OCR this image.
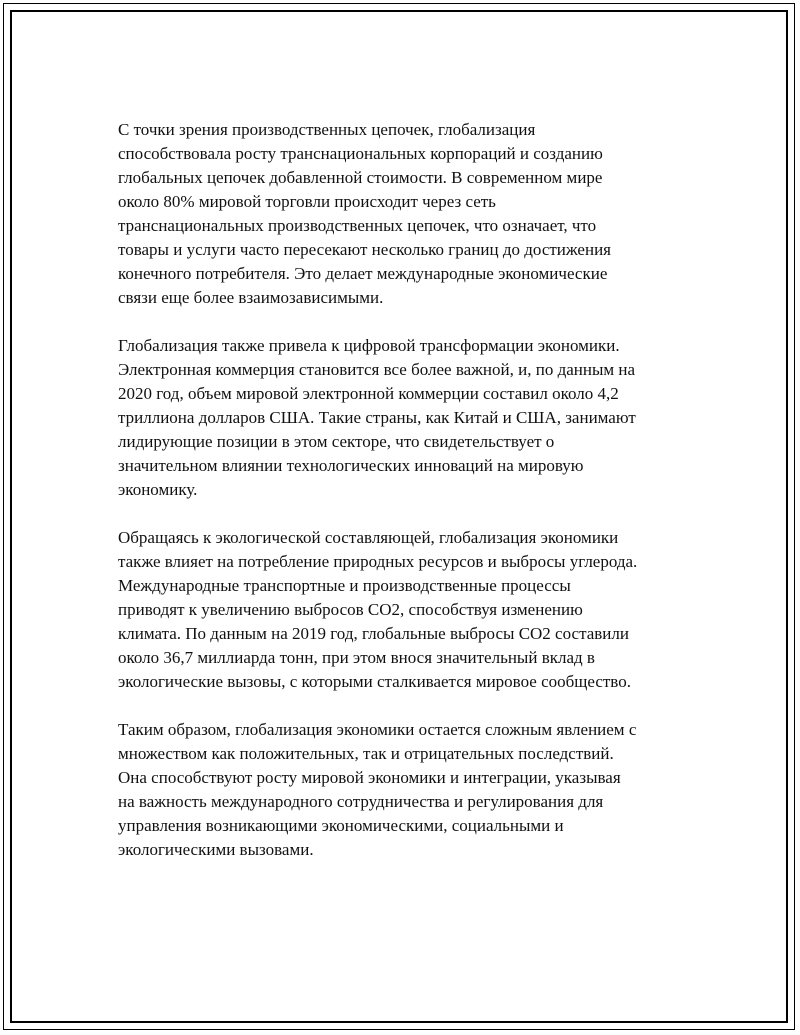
С точки зрения производственных цепочек, глобализация
способствовала росту транснациональных корпораций и созданию
глобальных цепочек добавленной стоимости. В современном мире
около 80% мировой торговли происходит через сеть
транснациональных производственных цепочек, что означает, что
товары и услуги часто пересекают несколько границ до достижения
конечного потребителя. Это делает международные экономические
связи еще более взаимозависимыми.

Глобализация также привела к цифровой трансформации экономики.
Электронная коммерция становится все более важной, и, по данным на
2020 год, объем мировой электронной коммерции составил около 4,2
триллиона долларов США. Такие страны, как Китай и США, занимают
лидирующие позиции в этом секторе, что свидетельствует о
значительном влиянии технологических инноваций на мировую
экономику.

Обращаясь к экологической составляющей, глобализация экономики
также влияет на потребление природных ресурсов и выбросы углерода.
Международные транспортные и производственные процессы
приводят к увеличению выбросов CO2, способствуя изменению
климата. По данным на 2019 год, глобальные выбросы CO2 составили
около 36,7 миллиарда тонн, при этом внося значительный вклад в
экологические вызовы, с которыми сталкивается мировое сообщество.

Таким образом, глобализация экономики остается сложным явлением с
множеством как положительных, так и отрицательных последствий.
Она способствуют росту мировой экономики и интеграции, указывая
на важность международного сотрудничества и регулирования для
управления возникающими экономическими, социальными и
экологическими вызовами.
